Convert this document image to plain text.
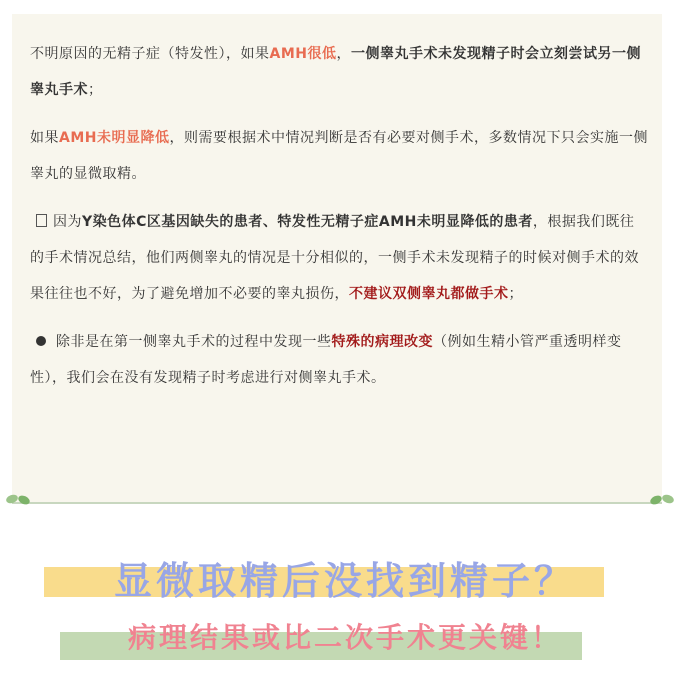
不明原因的无精子症（特发性），如果AMH很低，一侧睾丸手术未发现精子时会立刻尝试另一侧睾丸手术；

如果AMH未明显降低，则需要根据术中情况判断是否有必要对侧手术，多数情况下只会实施一侧睾丸的显微取精。

因为Y染色体C区基因缺失的患者、特发性无精子症AMH未明显降低的患者，根据我们既往的手术情况总结，他们两侧睾丸的情况是十分相似的，一侧手术未发现精子的时候对侧手术的效果往往也不好，为了避免增加不必要的睾丸损伤，不建议双侧睾丸都做手术；

除非是在第一侧睾丸手术的过程中发现一些特殊的病理改变（例如生精小管严重透明样变性），我们会在没有发现精子时考虑进行对侧睾丸手术。

显微取精后没找到精子？
病理结果或比二次手术更关键！
